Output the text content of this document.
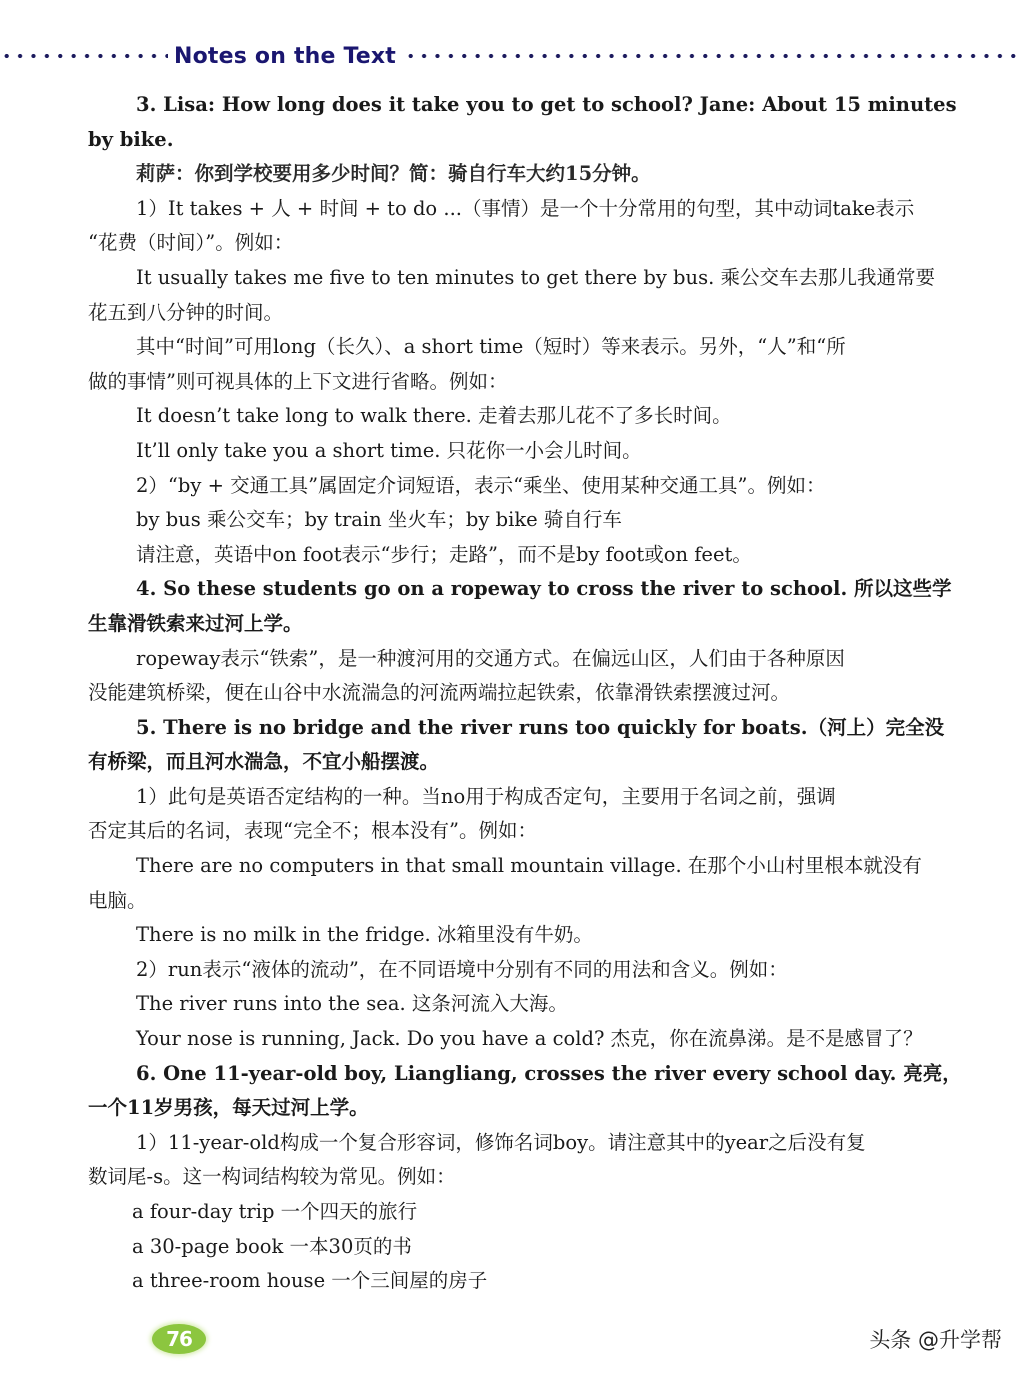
Notes on the Text
3. Lisa: How long does it take you to get to school? Jane: About 15 minutes
by bike.
莉萨：你到学校要用多少时间？简：骑自行车大约15分钟。
1）It takes + 人 + 时间 + to do ...（事情）是一个十分常用的句型，其中动词take表示
“花费（时间）”。例如：
It usually takes me five to ten minutes to get there by bus. 乘公交车去那儿我通常要
花五到八分钟的时间。
其中“时间”可用long（长久）、a short time（短时）等来表示。另外，“人”和“所
做的事情”则可视具体的上下文进行省略。例如：
It doesn’t take long to walk there. 走着去那儿花不了多长时间。
It’ll only take you a short time. 只花你一小会儿时间。
2）“by + 交通工具”属固定介词短语，表示“乘坐、使用某种交通工具”。例如：
by bus 乘公交车；by train 坐火车；by bike 骑自行车
请注意，英语中on foot表示“步行；走路”，而不是by foot或on feet。
4. So these students go on a ropeway to cross the river to school. 所以这些学
生靠滑铁索来过河上学。
ropeway表示“铁索”，是一种渡河用的交通方式。在偏远山区，人们由于各种原因
没能建筑桥梁，便在山谷中水流湍急的河流两端拉起铁索，依靠滑铁索摆渡过河。
5. There is no bridge and the river runs too quickly for boats.（河上）完全没
有桥梁，而且河水湍急，不宜小船摆渡。
1）此句是英语否定结构的一种。当no用于构成否定句，主要用于名词之前，强调
否定其后的名词，表现“完全不；根本没有”。例如：
There are no computers in that small mountain village. 在那个小山村里根本就没有
电脑。
There is no milk in the fridge. 冰箱里没有牛奶。
2）run表示“液体的流动”，在不同语境中分别有不同的用法和含义。例如：
The river runs into the sea. 这条河流入大海。
Your nose is running, Jack. Do you have a cold? 杰克，你在流鼻涕。是不是感冒了？
6. One 11-year-old boy, Liangliang, crosses the river every school day. 亮亮，
一个11岁男孩，每天过河上学。
1）11-year-old构成一个复合形容词，修饰名词boy。请注意其中的year之后没有复
数词尾-s。这一构词结构较为常见。例如：
a four-day trip 一个四天的旅行
a 30-page book 一本30页的书
a three-room house 一个三间屋的房子
76	头条 @升学帮
